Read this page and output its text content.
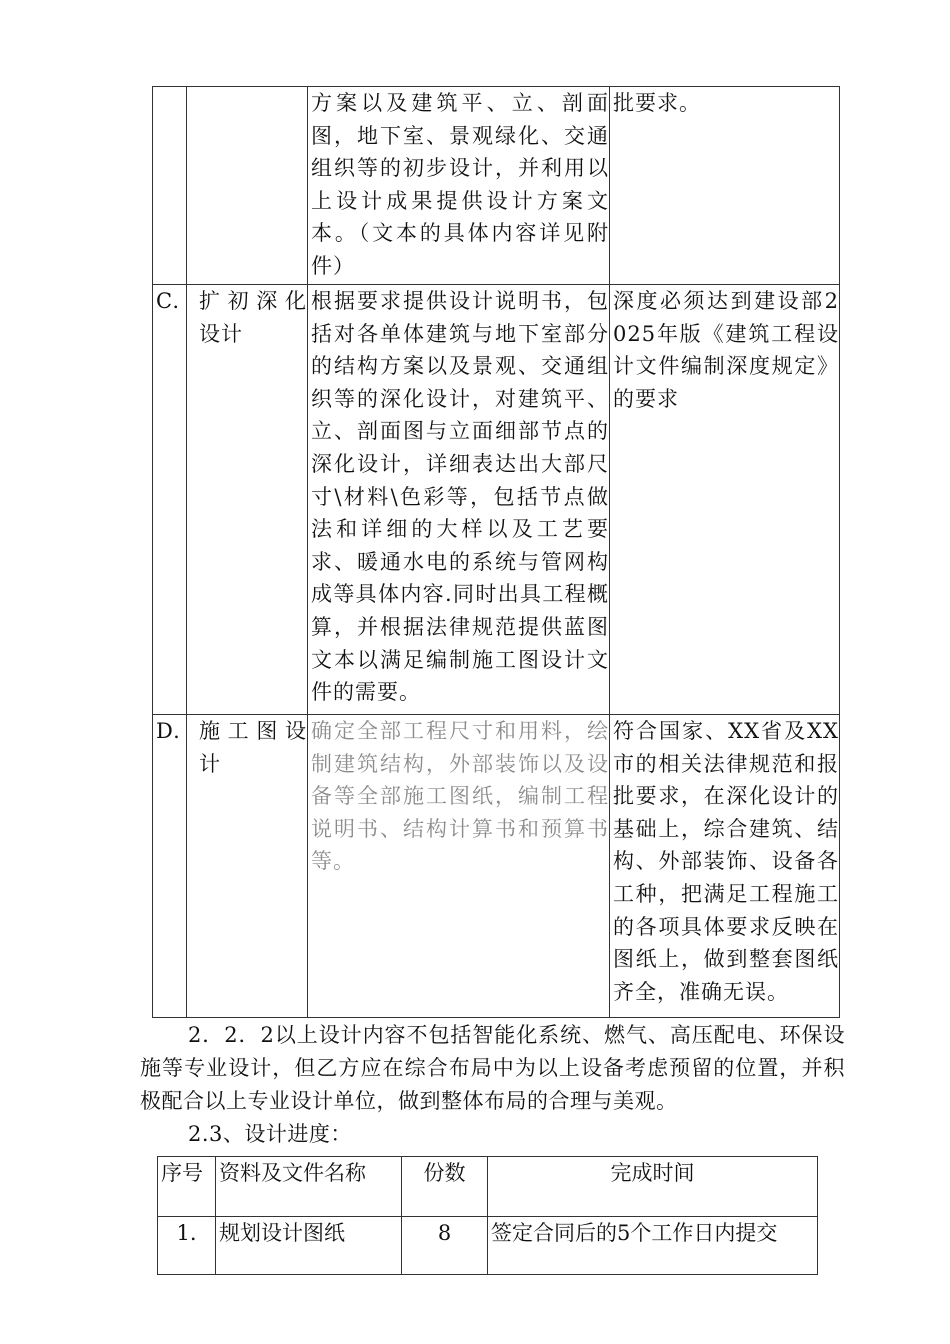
		方案以及建筑平、立、剖面图，地下室、景观绿化、交通组织等的初步设计，并利用以上设计成果提供设计方案文本。（文本的具体内容详见附件）	批要求。
C.	扩初深化设计	根据要求提供设计说明书，包括对各单体建筑与地下室部分的结构方案以及景观、交通组织等的深化设计，对建筑平、立、剖面图与立面细部节点的深化设计，详细表达出大部尺寸\材料\色彩等，包括节点做法和详细的大样以及工艺要求、暖通水电的系统与管网构成等具体内容.同时出具工程概算，并根据法律规范提供蓝图文本以满足编制施工图设计文件的需要。	深度必须达到建设部2025年版《建筑工程设计文件编制深度规定》的要求
D.	施工图设计	确定全部工程尺寸和用料，绘制建筑结构，外部装饰以及设备等全部施工图纸，编制工程说明书、结构计算书和预算书等。	符合国家、XX省及XX市的相关法律规范和报批要求，在深化设计的基础上，综合建筑、结构、外部装饰、设备各工种，把满足工程施工的各项具体要求反映在图纸上，做到整套图纸齐全，准确无误。

2．2．2以上设计内容不包括智能化系统、燃气、高压配电、环保设施等专业设计，但乙方应在综合布局中为以上设备考虑预留的位置，并积极配合以上专业设计单位，做到整体布局的合理与美观。

2.3、设计进度：

序号	资料及文件名称	份数	完成时间
1.	规划设计图纸	8	签定合同后的5个工作日内提交
